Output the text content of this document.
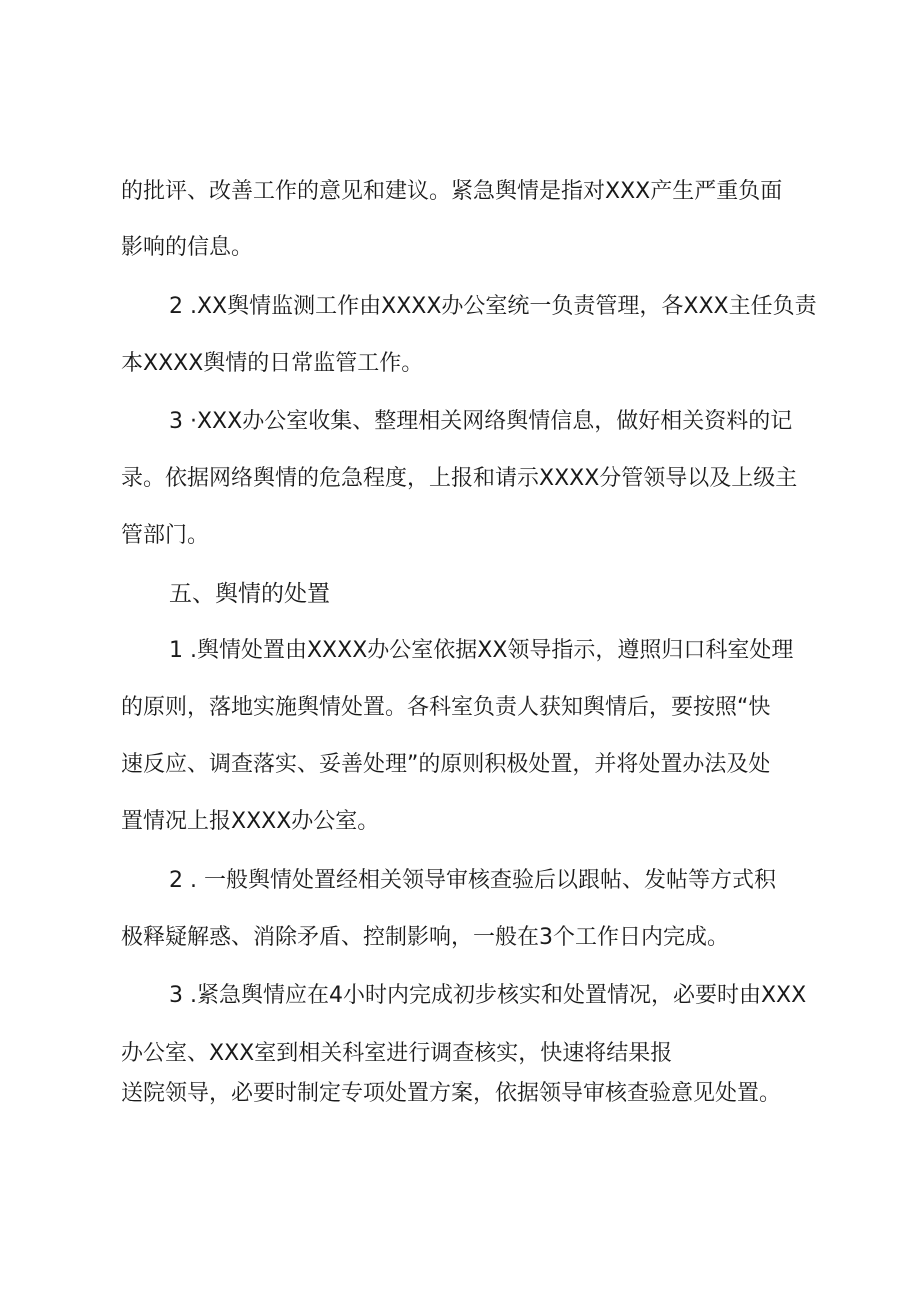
的批评、改善工作的意见和建议。紧急舆情是指对XXX产生严重负面
影响的信息。
2 .XX舆情监测工作由XXXX办公室统一负责管理，各XXX主任负责
本XXXX舆情的日常监管工作。
3 ·XXX办公室收集、整理相关网络舆情信息，做好相关资料的记
录。依据网络舆情的危急程度，上报和请示XXXX分管领导以及上级主
管部门。
五、舆情的处置
1 .舆情处置由XXXX办公室依据XX领导指示，遵照归口科室处理
的原则，落地实施舆情处置。各科室负责人获知舆情后，要按照“快
速反应、调查落实、妥善处理”的原则积极处置，并将处置办法及处
置情况上报XXXX办公室。
2 . 一般舆情处置经相关领导审核查验后以跟帖、发帖等方式积
极释疑解惑、消除矛盾、控制影响，一般在3个工作日内完成。
3 .紧急舆情应在4小时内完成初步核实和处置情况，必要时由XXX
办公室、XXX室到相关科室进行调查核实，快速将结果报
送院领导，必要时制定专项处置方案，依据领导审核查验意见处置。
